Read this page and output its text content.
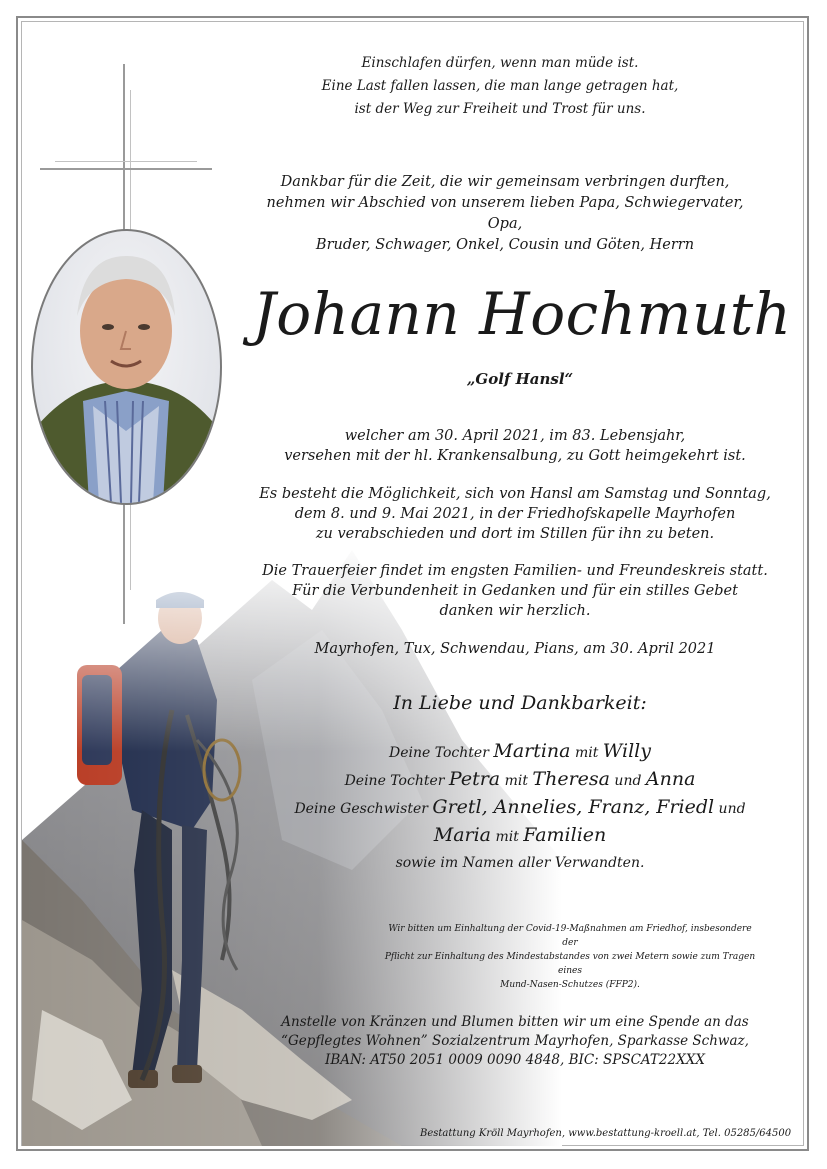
Einschlafen dürfen, wenn man müde ist.
Eine Last fallen lassen, die man lange getragen hat,
ist der Weg zur Freiheit und Trost für uns.
Dankbar für die Zeit, die wir gemeinsam verbringen durften,
nehmen wir Abschied von unserem lieben Papa, Schwiegervater, Opa,
Bruder, Schwager, Onkel, Cousin und Göten, Herrn
Johann Hochmuth
„Golf Hansl“
welcher am 30. April 2021, im 83. Lebensjahr,
versehen mit der hl. Krankensalbung, zu Gott heimgekehrt ist.
Es besteht die Möglichkeit, sich von Hansl am Samstag und Sonntag,
dem 8. und 9. Mai 2021, in der Friedhofskapelle Mayrhofen
zu verabschieden und dort im Stillen für ihn zu beten.
Die Trauerfeier findet im engsten Familien- und Freundeskreis statt.
Für die Verbundenheit in Gedanken und für ein stilles Gebet
danken wir herzlich.
Mayrhofen, Tux, Schwendau, Pians, am 30. April 2021
In Liebe und Dankbarkeit:
Deine Tochter Martina mit Willy
Deine Tochter Petra mit Theresa und Anna
Deine Geschwister Gretl, Annelies, Franz, Friedl und
Maria mit Familien
sowie im Namen aller Verwandten.
Wir bitten um Einhaltung der Covid-19-Maßnahmen am Friedhof, insbesondere der
Pflicht zur Einhaltung des Mindestabstandes von zwei Metern sowie zum Tragen eines
Mund-Nasen-Schutzes (FFP2).
Anstelle von Kränzen und Blumen bitten wir um eine Spende an das
“Gepflegtes Wohnen” Sozialzentrum Mayrhofen, Sparkasse Schwaz,
IBAN: AT50 2051 0009 0090 4848, BIC: SPSCAT22XXX
Bestattung Kröll Mayrhofen, www.bestattung-kroell.at, Tel. 05285/64500
